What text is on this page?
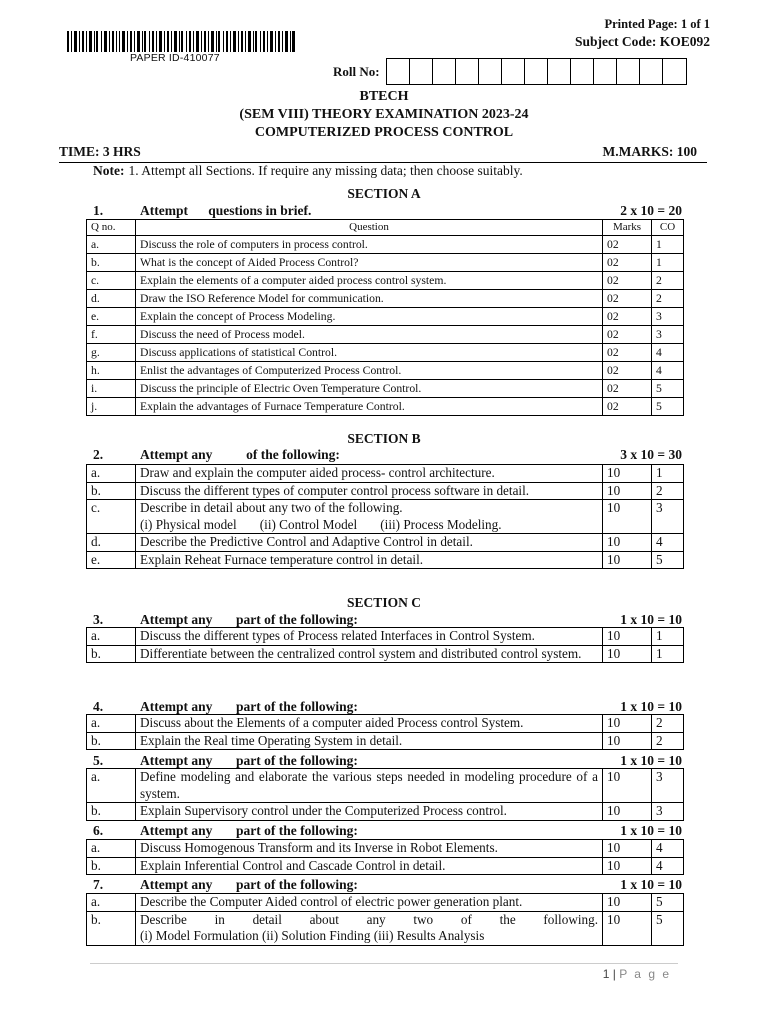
PAPER ID-410077
Printed Page: 1 of 1
Subject Code: KOE092
Roll No:
BTECH
(SEM VIII) THEORY EXAMINATION 2023-24
COMPUTERIZED PROCESS CONTROL
TIME: 3 HRS	M.MARKS: 100
Note: 1. Attempt all Sections. If require any missing data; then choose suitably.
SECTION A
1.	Attempt      questions in brief.	2 x 10 = 20
Q no.	Question	Marks	CO
a.	Discuss the role of computers in process control.	02	1
b.	What is the concept of Aided Process Control?	02	1
c.	Explain the elements of a computer aided process control system.	02	2
d.	Draw the ISO Reference Model for communication.	02	2
e.	Explain the concept of Process Modeling.	02	3
f.	Discuss the need of Process model.	02	3
g.	Discuss applications of statistical Control.	02	4
h.	Enlist the advantages of Computerized Process Control.	02	4
i.	Discuss the principle of Electric Oven Temperature Control.	02	5
j.	Explain the advantages of Furnace Temperature Control.	02	5
SECTION B
2.	Attempt any          of the following:	3 x 10 = 30
a.	Draw and explain the computer aided process- control architecture.	10	1
b.	Discuss the different types of computer control process software in detail.	10	2
c.	Describe in detail about any two of the following.
(i) Physical model       (ii) Control Model       (iii) Process Modeling.	10	3
d.	Describe the Predictive Control and Adaptive Control in detail.	10	4
e.	Explain Reheat Furnace temperature control in detail.	10	5
SECTION C
3.	Attempt any       part of the following:	1 x 10 = 10
a.	Discuss the different types of Process related Interfaces in Control System.	10	1
b.	Differentiate between the centralized control system and distributed control system.	10	1
4.	Attempt any       part of the following:	1 x 10 = 10
a.	Discuss about the Elements of a computer aided Process control System.	10	2
b.	Explain the Real time Operating System in detail.	10	2
5.	Attempt any       part of the following:	1 x 10 = 10
a.	Define modeling and elaborate the various steps needed in modeling procedure of a system.	10	3
b.	Explain Supervisory control under the Computerized Process control.	10	3
6.	Attempt any       part of the following:	1 x 10 = 10
a.	Discuss Homogenous Transform and its Inverse in Robot Elements.	10	4
b.	Explain Inferential Control and Cascade Control in detail.	10	4
7.	Attempt any       part of the following:	1 x 10 = 10
a.	Describe the Computer Aided control of electric power generation plant.	10	5
b.	Describe in detail about any two of the following.
(i) Model Formulation (ii) Solution Finding (iii) Results Analysis	10	5
1 | P a g e
